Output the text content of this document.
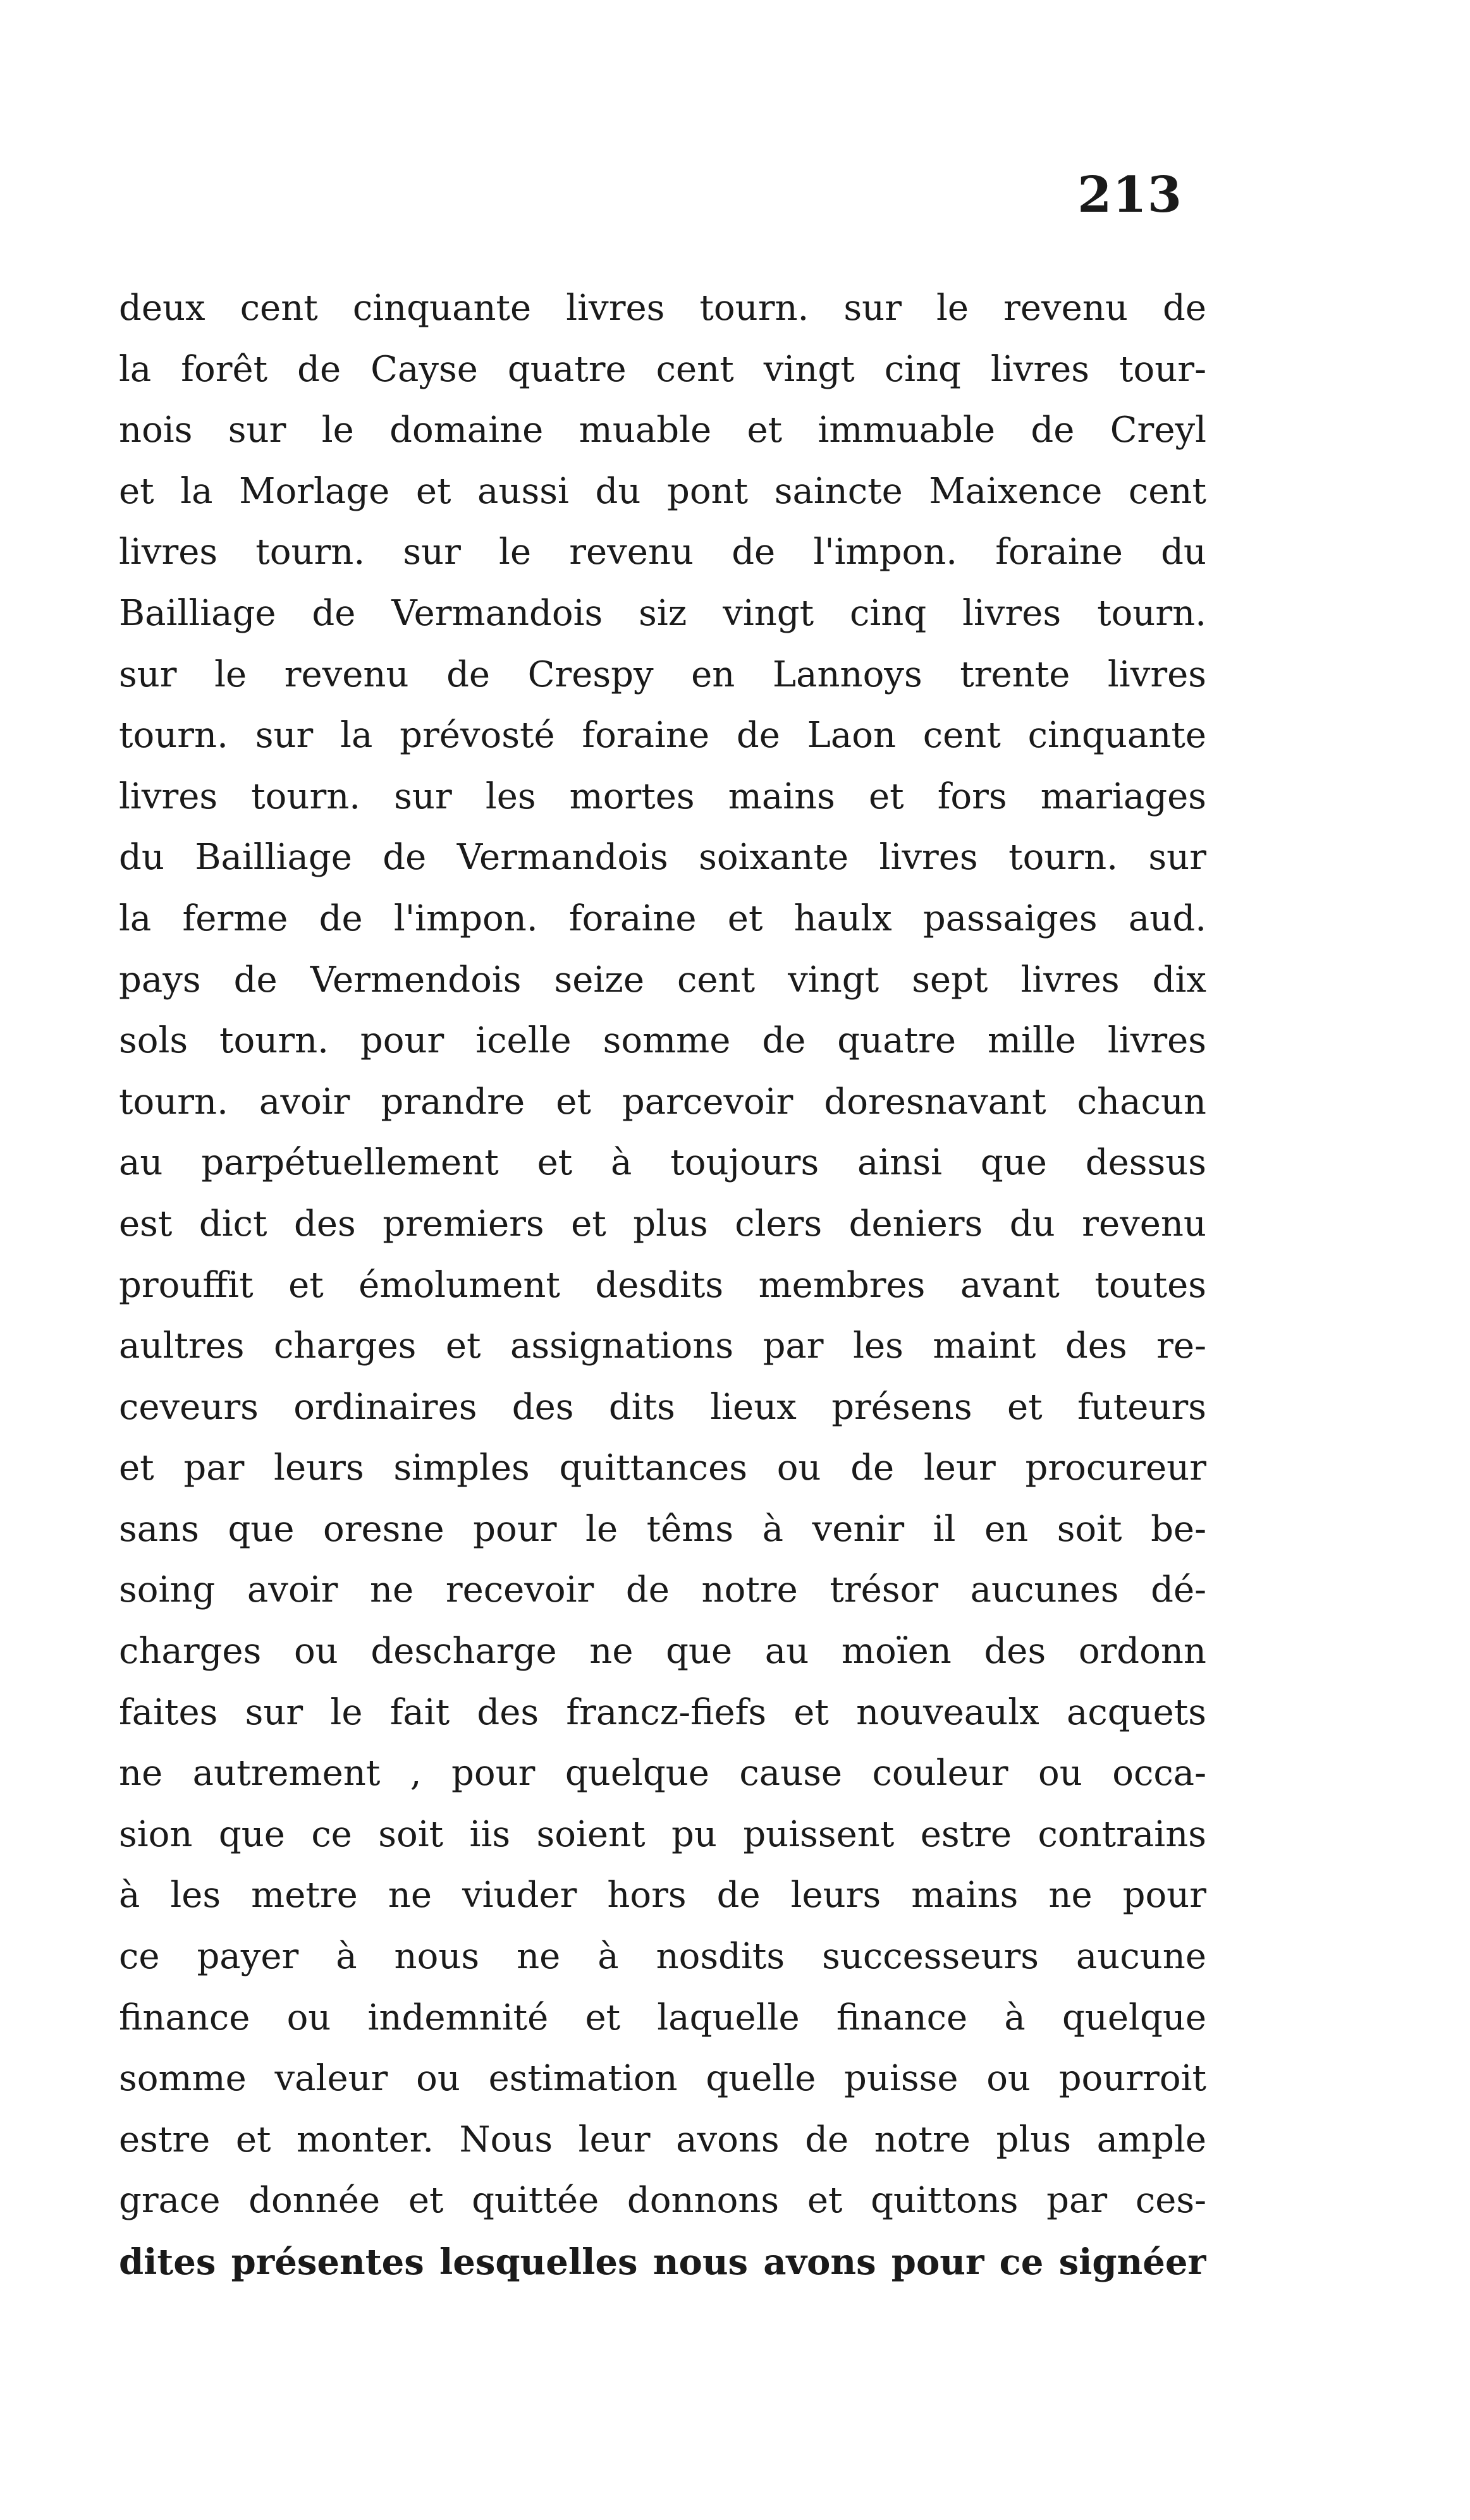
213
deux cent cinquante livres tourn. sur le revenu de
la forêt de Cayse quatre cent vingt cinq livres tour-
nois sur le domaine muable et immuable de Creyl
et la Morlage et aussi du pont saincte Maixence cent
livres tourn. sur le revenu de l'impon. foraine du
Bailliage de Vermandois siz vingt cinq livres tourn.
sur le revenu de Crespy en Lannoys trente livres
tourn. sur la prévosté foraine de Laon cent cinquante
livres tourn. sur les mortes mains et fors mariages
du Bailliage de Vermandois soixante livres tourn. sur
la ferme de l'impon. foraine et haulx passaiges aud.
pays de Vermendois seize cent vingt sept livres dix
sols tourn. pour icelle somme de quatre mille livres
tourn. avoir prandre et parcevoir doresnavant chacun
au parpétuellement et à toujours ainsi que dessus
est dict des premiers et plus clers deniers du revenu
prouffit et émolument desdits membres avant toutes
aultres charges et assignations par les maint des re-
ceveurs ordinaires des dits lieux présens et futeurs
et par leurs simples quittances ou de leur procureur
sans que oresne pour le têms à venir il en soit be-
soing avoir ne recevoir de notre trésor aucunes dé-
charges ou descharge ne que au moïen des ordonn
faites sur le fait des francz-fiefs et nouveaulx acquets
ne autrement , pour quelque cause couleur ou occa-
sion que ce soit iis soient pu puissent estre contrains
à les metre ne viuder hors de leurs mains ne pour
ce payer à nous ne à nosdits successeurs aucune
finance ou indemnité et laquelle finance à quelque
somme valeur ou estimation quelle puisse ou pourroit
estre et monter. Nous leur avons de notre plus ample
grace donnée et quittée donnons et quittons par ces-
dites présentes lesquelles nous avons pour ce signéer
